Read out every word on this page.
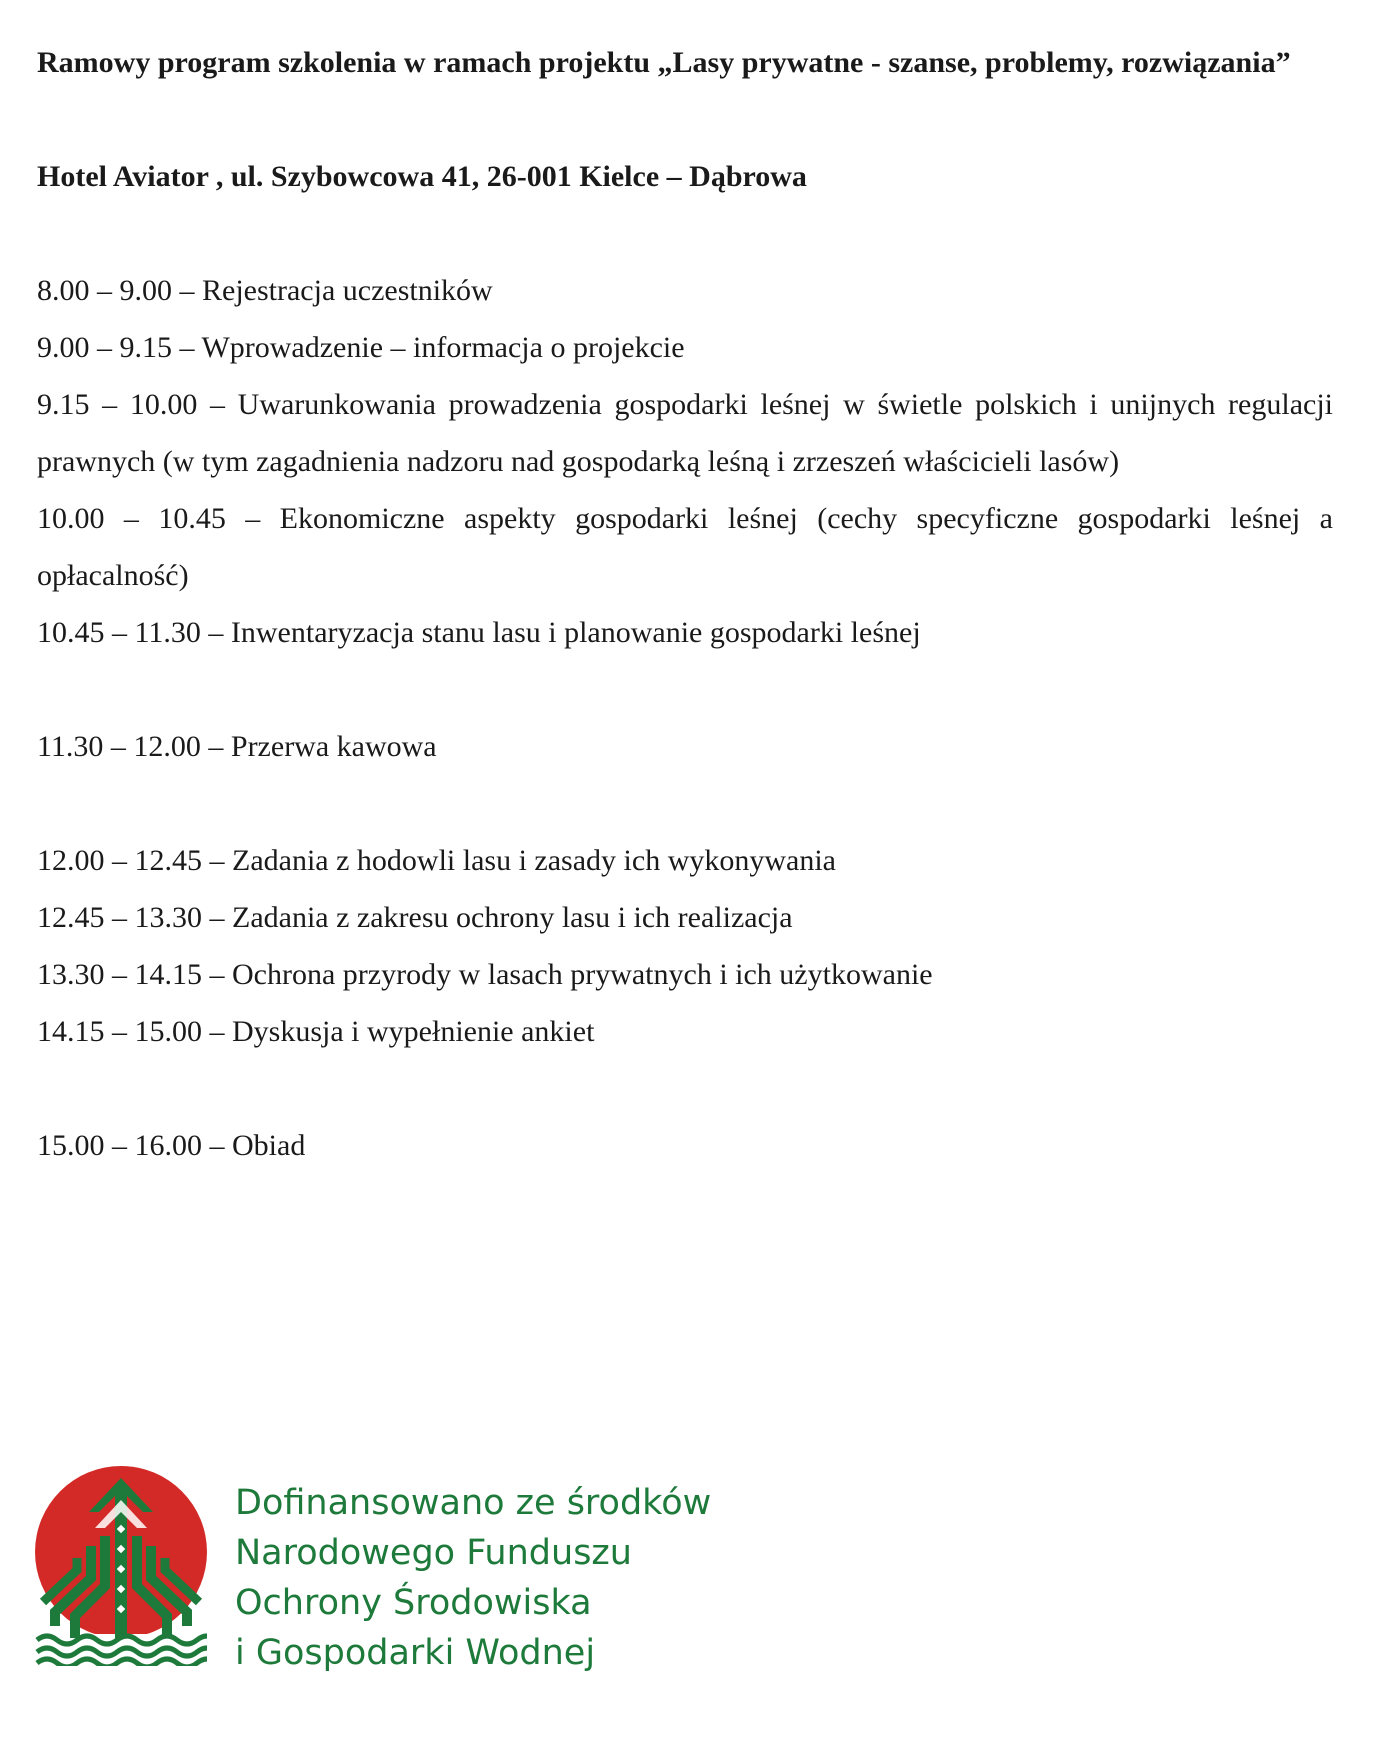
Ramowy program szkolenia w ramach projektu „Lasy prywatne - szanse, problemy, rozwiązania”

Hotel Aviator , ul. Szybowcowa 41, 26-001 Kielce – Dąbrowa

8.00 – 9.00 – Rejestracja uczestników

9.00 – 9.15 – Wprowadzenie – informacja o projekcie

9.15 – 10.00 – Uwarunkowania prowadzenia gospodarki leśnej w świetle polskich i unijnych regulacji prawnych (w tym zagadnienia nadzoru nad gospodarką leśną i zrzeszeń właścicieli lasów)

10.00 – 10.45 – Ekonomiczne aspekty gospodarki leśnej (cechy specyficzne gospodarki leśnej a opłacalność)

10.45 – 11.30 – Inwentaryzacja stanu lasu i planowanie gospodarki leśnej

11.30 – 12.00 – Przerwa kawowa

12.00 – 12.45 – Zadania z hodowli lasu i zasady ich wykonywania

12.45 – 13.30 – Zadania z zakresu ochrony lasu i ich realizacja

13.30 – 14.15 – Ochrona przyrody w lasach prywatnych i ich użytkowanie

14.15 – 15.00 – Dyskusja i wypełnienie ankiet

15.00 – 16.00 – Obiad

Dofinansowano ze środków
Narodowego Funduszu
Ochrony Środowiska
i Gospodarki Wodnej
